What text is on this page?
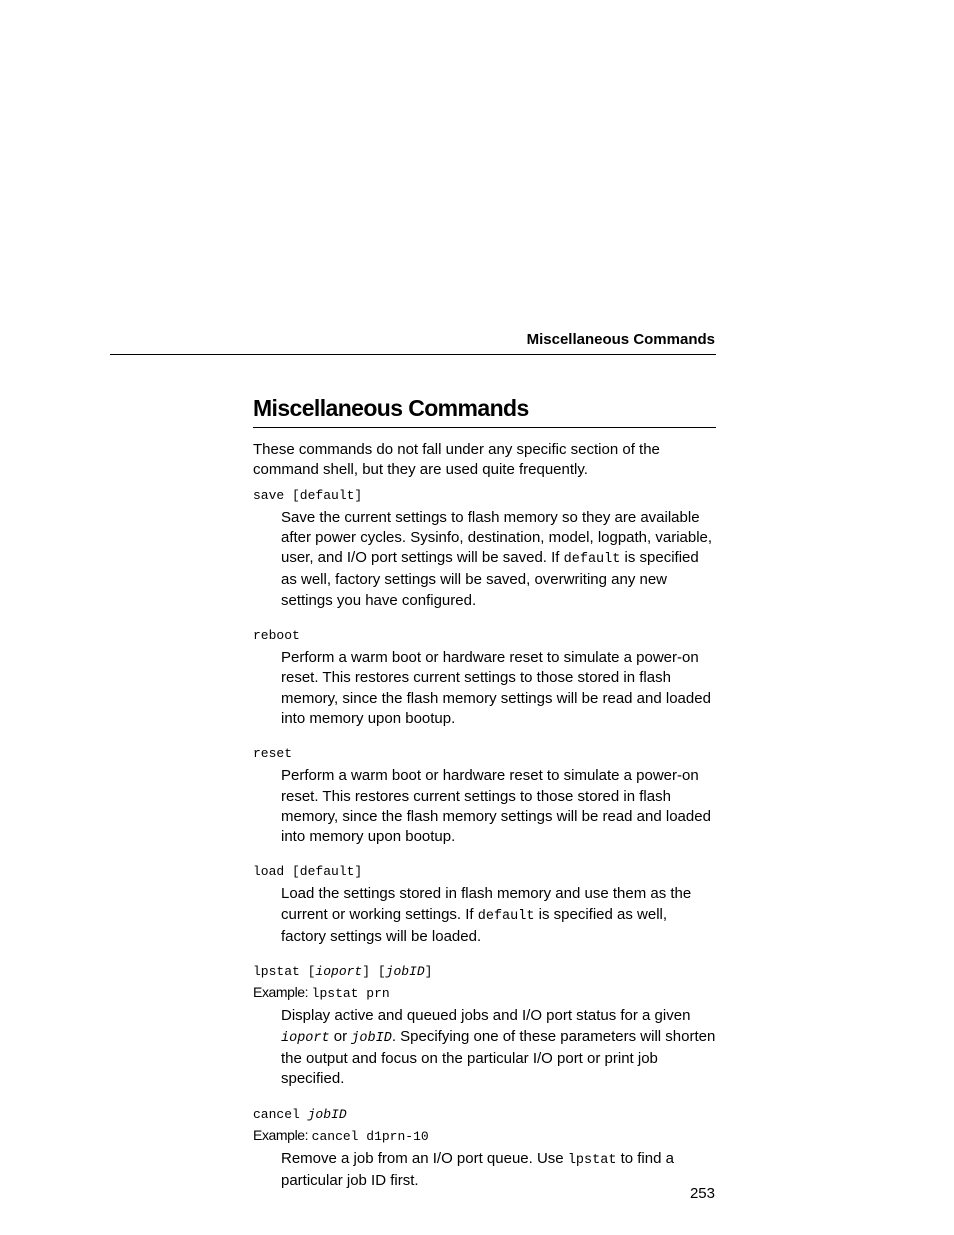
Miscellaneous Commands
Miscellaneous Commands

These commands do not fall under any specific section of the command shell, but they are used quite frequently.

save [default]

Save the current settings to flash memory so they are available after power cycles. Sysinfo, destination, model, logpath, variable, user, and I/O port settings will be saved. If default is specified as well, factory settings will be saved, overwriting any new settings you have configured.

reboot

Perform a warm boot or hardware reset to simulate a power-on reset. This restores current settings to those stored in flash memory, since the flash memory settings will be read and loaded into memory upon bootup.

reset

Perform a warm boot or hardware reset to simulate a power-on reset. This restores current settings to those stored in flash memory, since the flash memory settings will be read and loaded into memory upon bootup.

load [default]

Load the settings stored in flash memory and use them as the current or working settings. If default is specified as well, factory settings will be loaded.

lpstat [ioport] [jobID]
Example: lpstat prn

Display active and queued jobs and I/O port status for a given ioport or jobID. Specifying one of these parameters will shorten the output and focus on the particular I/O port or print job specified.

cancel jobID
Example: cancel d1prn-10

Remove a job from an I/O port queue. Use lpstat to find a particular job ID first.

253
